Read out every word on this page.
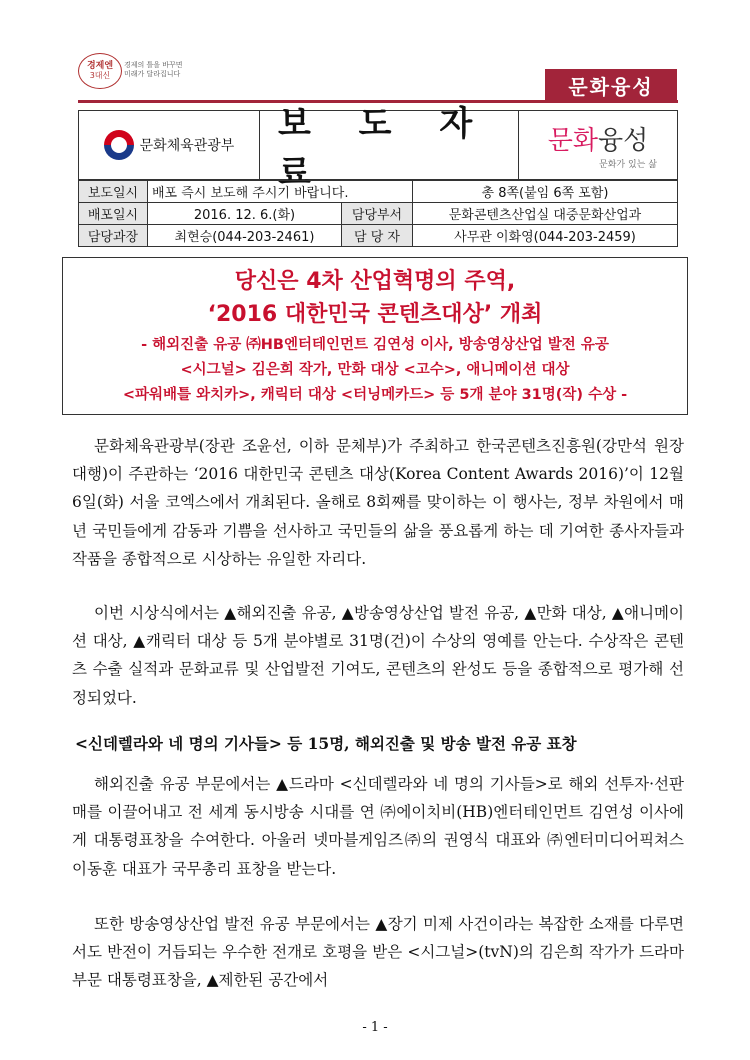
경제엔
3대신
경제의 틀을 바꾸면
미래가 달라집니다
문화융성
문화체육관광부
보 도 자 료
문화융성
문화가 있는 삶
보도일시	배포 즉시 보도해 주시기 바랍니다.		총 8쪽(붙임 6쪽 포함)
배포일시	2016. 12. 6.(화)	담당부서	문화콘텐츠산업실 대중문화산업과
담당과장	최현승(044-203-2461)	담 당 자	사무관 이화영(044-203-2459)
당신은 4차 산업혁명의 주역,
‘2016 대한민국 콘텐츠대상’ 개최
- 해외진출 유공 ㈜HB엔터테인먼트 김연성 이사, 방송영상산업 발전 유공
<시그널> 김은희 작가, 만화 대상 <고수>, 애니메이션 대상
<파워배틀 와치카>, 캐릭터 대상 <터닝메카드> 등 5개 분야 31명(작) 수상 -

문화체육관광부(장관 조윤선, 이하 문체부)가 주최하고 한국콘텐츠진흥원(강만석 원장대행)이 주관하는 ‘2016 대한민국 콘텐츠 대상(Korea Content Awards 2016)’이 12월 6일(화) 서울 코엑스에서 개최된다. 올해로 8회째를 맞이하는 이 행사는, 정부 차원에서 매년 국민들에게 감동과 기쁨을 선사하고 국민들의 삶을 풍요롭게 하는 데 기여한 종사자들과 작품을 종합적으로 시상하는 유일한 자리다.

이번 시상식에서는 ▲해외진출 유공, ▲방송영상산업 발전 유공, ▲만화 대상, ▲애니메이션 대상, ▲캐릭터 대상 등 5개 분야별로 31명(건)이 수상의 영예를 안는다. 수상작은 콘텐츠 수출 실적과 문화교류 및 산업발전 기여도, 콘텐츠의 완성도 등을 종합적으로 평가해 선정되었다.

<신데렐라와 네 명의 기사들> 등 15명, 해외진출 및 방송 발전 유공 표창

해외진출 유공 부문에서는 ▲드라마 <신데렐라와 네 명의 기사들>로 해외 선투자·선판매를 이끌어내고 전 세계 동시방송 시대를 연 ㈜에이치비(HB)엔터테인먼트 김연성 이사에게 대통령표창을 수여한다. 아울러 넷마블게임즈㈜의 권영식 대표와 ㈜엔터미디어픽쳐스 이동훈 대표가 국무총리 표창을 받는다.

또한 방송영상산업 발전 유공 부문에서는 ▲장기 미제 사건이라는 복잡한 소재를 다루면서도 반전이 거듭되는 우수한 전개로 호평을 받은 <시그널>(tvN)의 김은희 작가가 드라마 부문 대통령표창을, ▲제한된 공간에서

- 1 -
